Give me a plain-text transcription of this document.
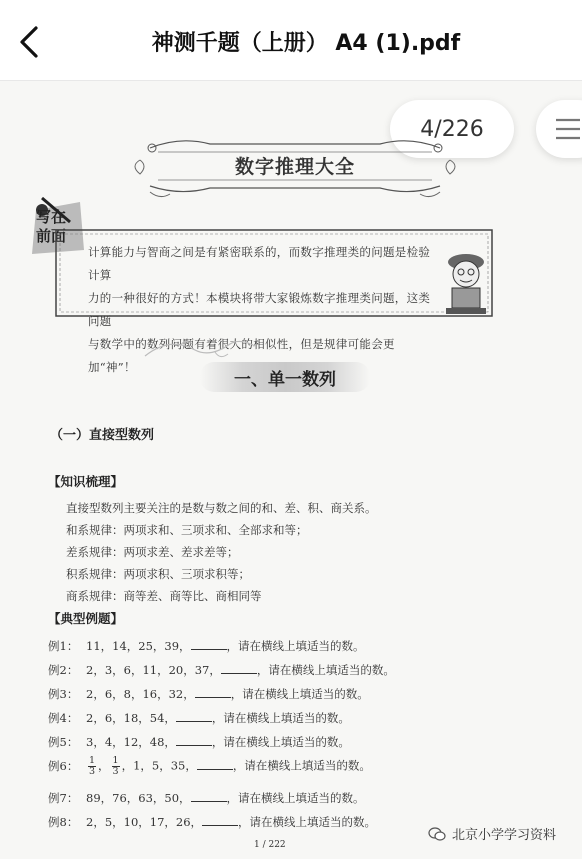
神测千题（上册） A4 (1).pdf
4/226
数字推理大全
写在
前面
计算能力与智商之间是有紧密联系的，而数字推理类的问题是检验计算
力的一种很好的方式！本模块将带大家锻炼数字推理类问题，这类问题
与数学中的数列问题有着很大的相似性，但是规律可能会更加“神”！
一、单一数列
（一）直接型数列
【知识梳理】
直接型数列主要关注的是数与数之间的和、差、积、商关系。
和系规律：两项求和、三项求和、全部求和等；
差系规律：两项求差、差求差等；
积系规律：两项求积、三项求积等；
商系规律：商等差、商等比、商相同等
【典型例题】
例1： 11，14，25，39，	，请在横线上填适当的数。
例2： 2，3，6，11，20，37，	，请在横线上填适当的数。
例3： 2，6，8，16，32，	，请在横线上填适当的数。
例4： 2，6，18，54，	，请在横线上填适当的数。
例5： 3，4，12，48，	，请在横线上填适当的数。
例6： $\frac{1}{3}$ ， $\frac{1}{3}$ ，1，5，35，	，请在横线上填适当的数。
例7： 89，76，63，50，	，请在横线上填适当的数。
例8： 2，5，10，17，26，	，请在横线上填适当的数。
1 / 222
北京小学学习资料
